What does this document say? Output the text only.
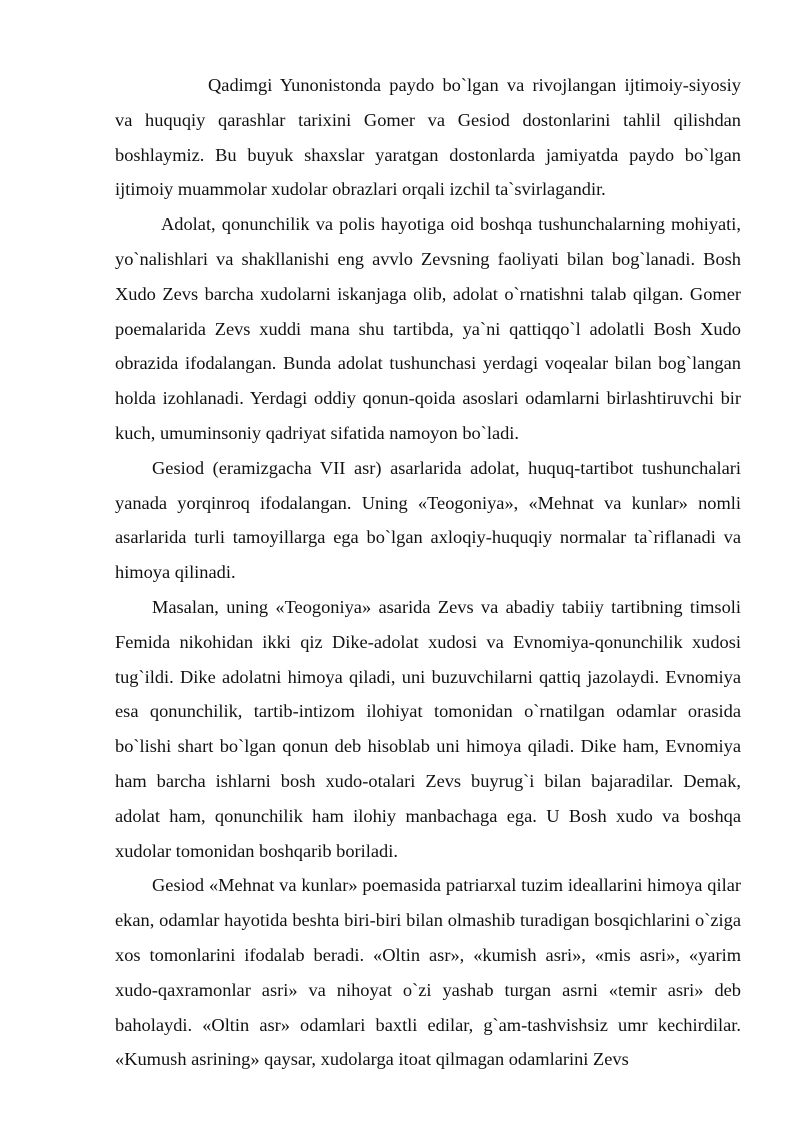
Qadimgi Yunonistonda paydo bo`lgan va rivojlangan ijtimoiy-siyosiy va huquqiy qarashlar tarixini Gomer va Gesiod dostonlarini tahlil qilishdan boshlaymiz. Bu buyuk shaxslar yaratgan dostonlarda jamiyatda paydo bo`lgan ijtimoiy muammolar xudolar obrazlari orqali izchil ta`svirlagandir.

Adolat, qonunchilik va polis hayotiga oid boshqa tushunchalarning mohiyati, yo`nalishlari va shakllanishi eng avvlo Zevsning faoliyati bilan bog`lanadi. Bosh Xudo Zevs barcha xudolarni iskanjaga olib, adolat o`rnatishni talab qilgan. Gomer poemalarida Zevs xuddi mana shu tartibda, ya`ni qattiqqo`l adolatli Bosh Xudo obrazida ifodalangan. Bunda adolat tushunchasi yerdagi voqealar bilan bog`langan holda izohlanadi. Yerdagi oddiy qonun-qoida asoslari odamlarni birlashtiruvchi bir kuch, umuminsoniy qadriyat sifatida namoyon bo`ladi.

Gesiod (eramizgacha VII asr) asarlarida adolat, huquq-tartibot tushunchalari yanada yorqinroq ifodalangan. Uning «Teogoniya», «Mehnat va kunlar» nomli asarlarida turli tamoyillarga ega bo`lgan axloqiy-huquqiy normalar ta`riflanadi va himoya qilinadi.

Masalan, uning «Teogoniya» asarida Zevs va abadiy tabiiy tartibning timsoli Femida nikohidan ikki qiz Dike-adolat xudosi va Evnomiya-qonunchilik xudosi tug`ildi. Dike adolatni himoya qiladi, uni buzuvchilarni qattiq jazolaydi. Evnomiya esa qonunchilik, tartib-intizom ilohiyat tomonidan o`rnatilgan odamlar orasida bo`lishi shart bo`lgan qonun deb hisoblab uni himoya qiladi. Dike ham, Evnomiya ham barcha ishlarni bosh xudo-otalari Zevs buyrug`i bilan bajaradilar. Demak, adolat ham, qonunchilik ham ilohiy manbachaga ega. U Bosh xudo va boshqa xudolar tomonidan boshqarib boriladi.

Gesiod «Mehnat va kunlar» poemasida patriarxal tuzim ideallarini himoya qilar ekan, odamlar hayotida beshta biri-biri bilan olmashib turadigan bosqichlarini o`ziga xos tomonlarini ifodalab beradi. «Oltin asr», «kumish asri», «mis asri», «yarim xudo-qaxramonlar asri» va nihoyat o`zi yashab turgan asrni «temir asri» deb baholaydi. «Oltin asr» odamlari baxtli edilar, g`am-tashvishsiz umr kechirdilar. «Kumush asrining» qaysar, xudolarga itoat qilmagan odamlarini Zevs
